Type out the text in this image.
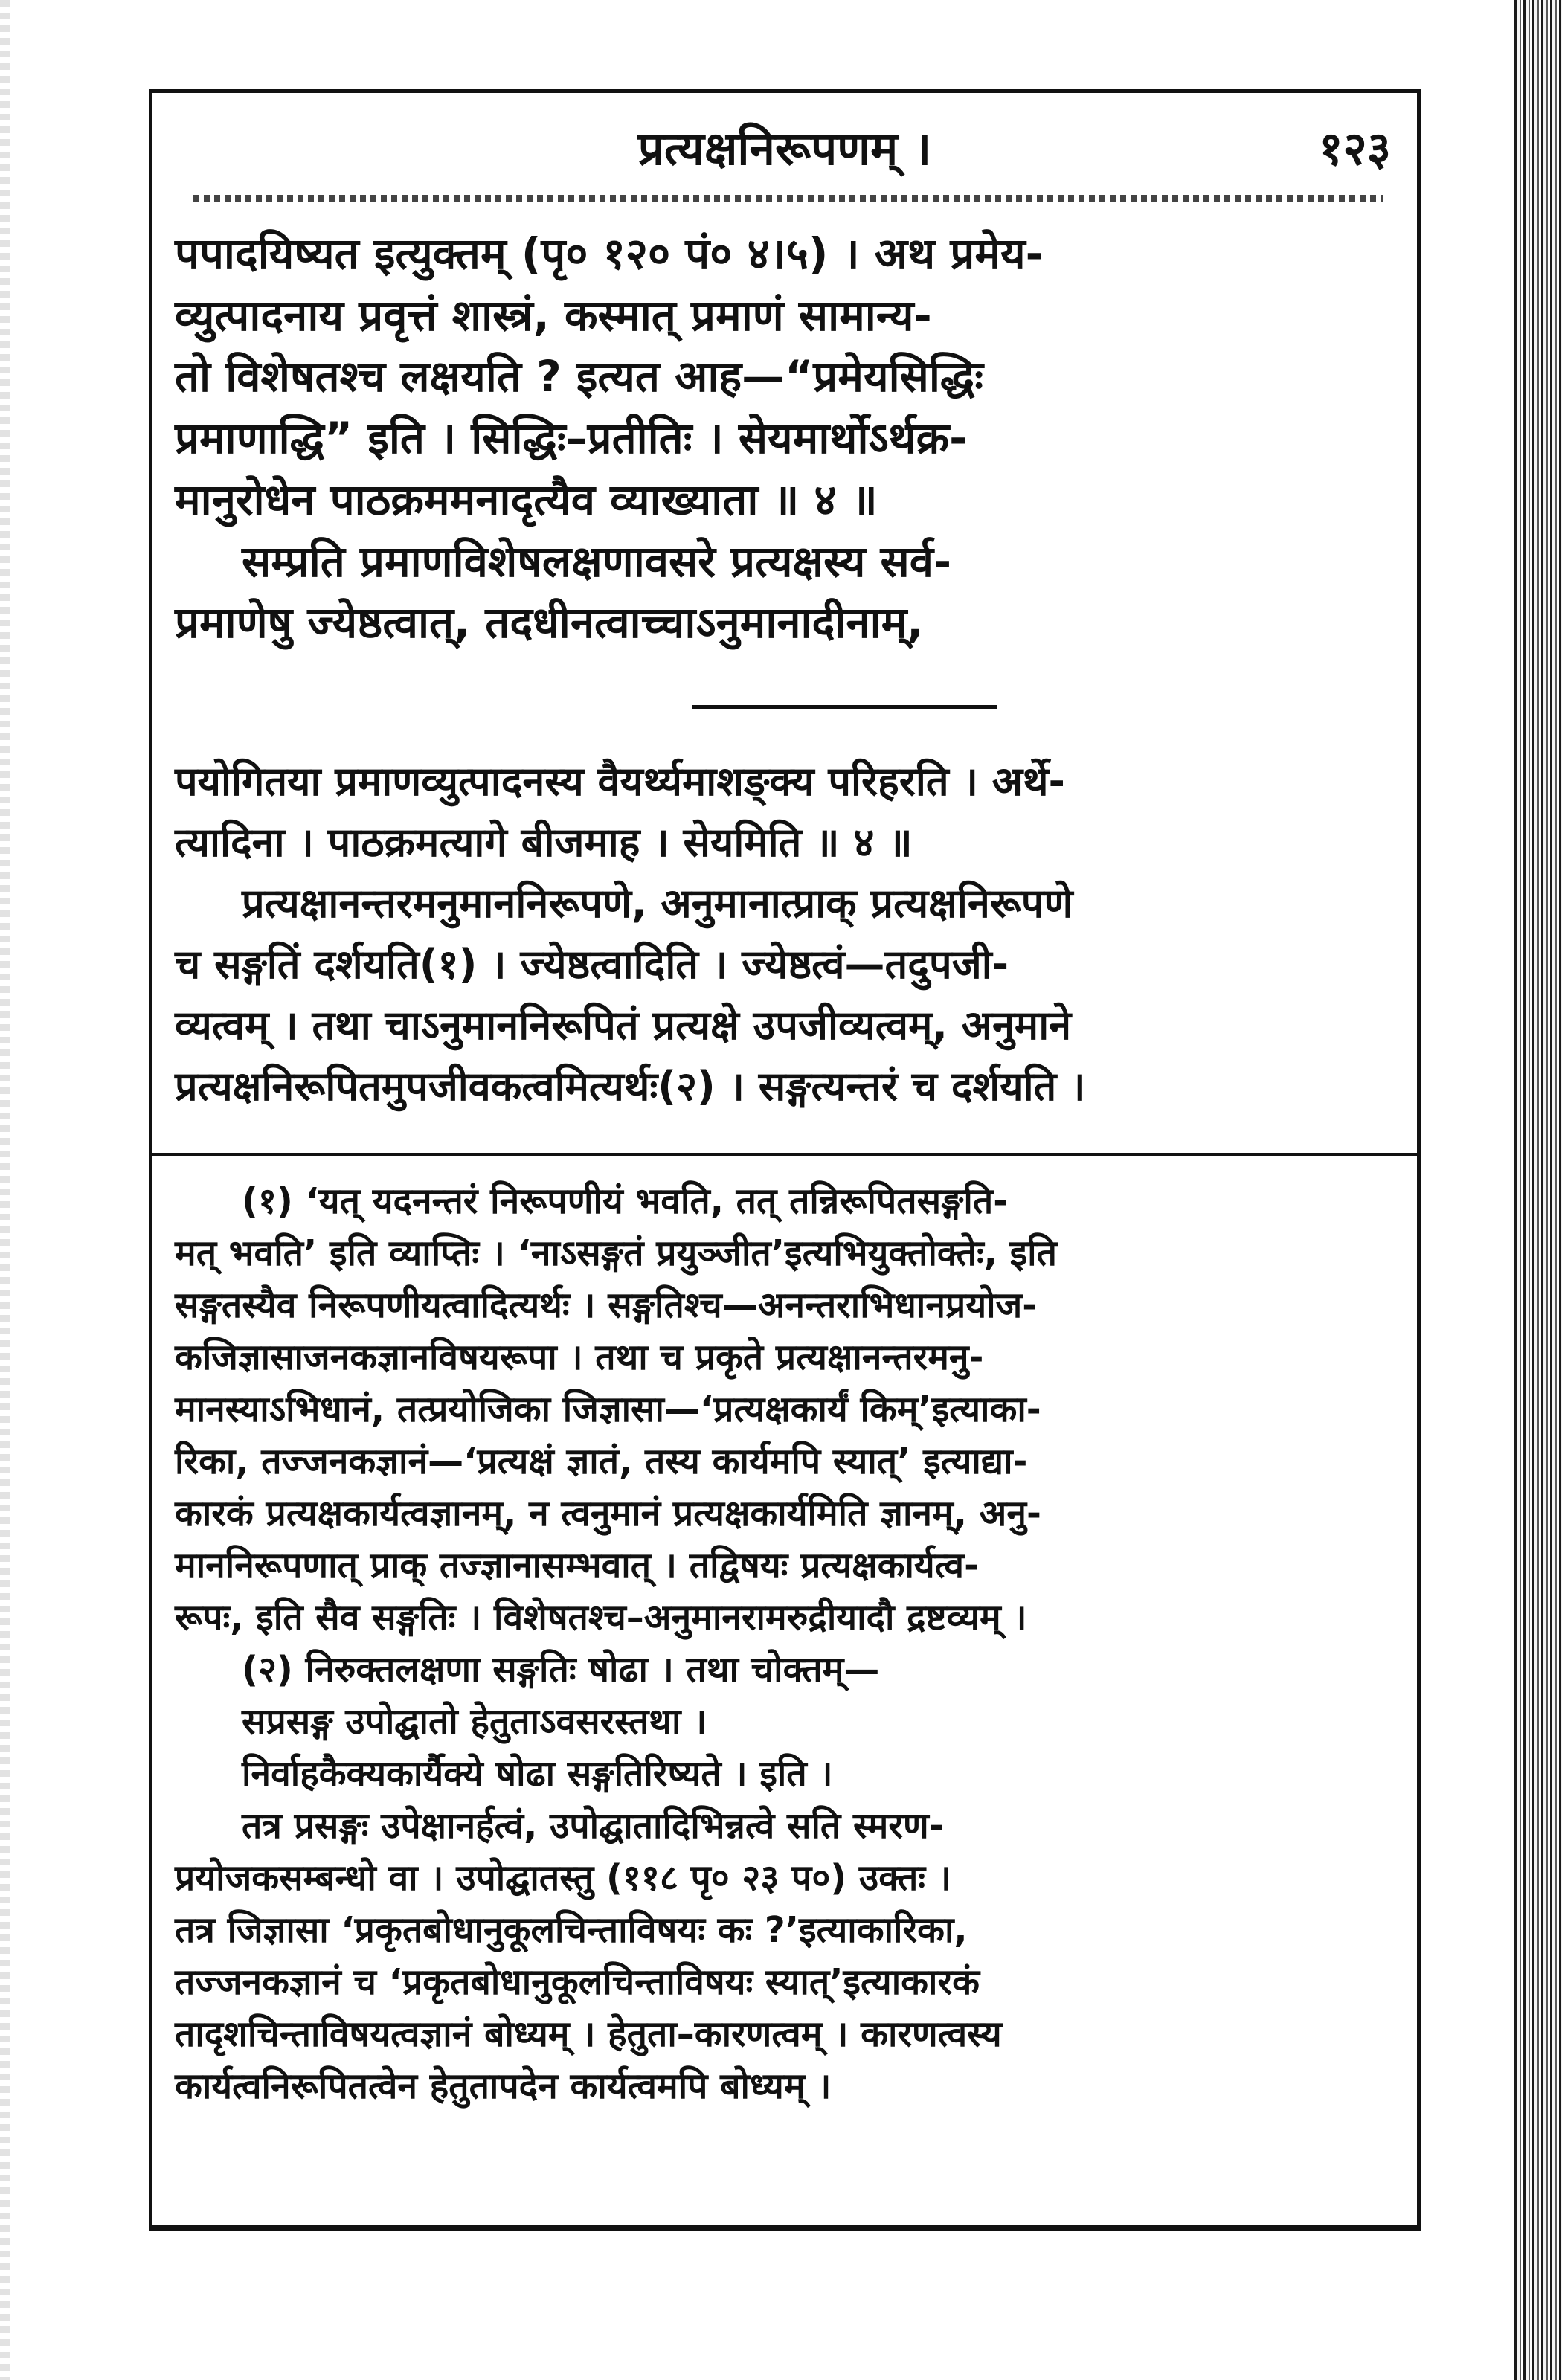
प्रत्यक्षनिरूपणम् ।	१२३
पपादयिष्यत इत्युक्तम् (पृ० १२० पं० ४।५) । अथ प्रमेय-
व्युत्पादनाय प्रवृत्तं शास्त्रं, कस्मात् प्रमाणं सामान्य-
तो विशेषतश्च लक्षयति ? इत्यत आह—“प्रमेयसिद्धिः
प्रमाणाद्धि” इति । सिद्धिः–प्रतीतिः । सेयमार्थोऽर्थक्र-
मानुरोधेन पाठक्रममनादृत्यैव व्याख्याता ॥ ४ ॥
सम्प्रति प्रमाणविशेषलक्षणावसरे प्रत्यक्षस्य सर्व-
प्रमाणेषु ज्येष्ठत्वात्, तदधीनत्वाच्चाऽनुमानादीनाम्,
पयोगितया प्रमाणव्युत्पादनस्य वैयर्थ्यमाशङ्क्य परिहरति । अर्थे-
त्यादिना । पाठक्रमत्यागे बीजमाह । सेयमिति ॥ ४ ॥
प्रत्यक्षानन्तरमनुमाननिरूपणे, अनुमानात्प्राक् प्रत्यक्षनिरूपणे
च सङ्गतिं दर्शयति(१) । ज्येष्ठत्वादिति । ज्येष्ठत्वं—तदुपजी-
व्यत्वम् । तथा चाऽनुमाननिरूपितं प्रत्यक्षे उपजीव्यत्वम्, अनुमाने
प्रत्यक्षनिरूपितमुपजीवकत्वमित्यर्थः(२) । सङ्गत्यन्तरं च दर्शयति ।
(१) ‘यत् यदनन्तरं निरूपणीयं भवति, तत् तन्निरूपितसङ्गति-
मत् भवति’ इति व्याप्तिः । ‘नाऽसङ्गतं प्रयुञ्जीत’इत्यभियुक्तोक्तेः, इति
सङ्गतस्यैव निरूपणीयत्वादित्यर्थः । सङ्गतिश्च—अनन्तराभिधानप्रयोज-
कजिज्ञासाजनकज्ञानविषयरूपा । तथा च प्रकृते प्रत्यक्षानन्तरमनु-
मानस्याऽभिधानं, तत्प्रयोजिका जिज्ञासा—‘प्रत्यक्षकार्यं किम्’इत्याका-
रिका, तज्जनकज्ञानं—‘प्रत्यक्षं ज्ञातं, तस्य कार्यमपि स्यात्’ इत्याद्या-
कारकं प्रत्यक्षकार्यत्वज्ञानम्, न त्वनुमानं प्रत्यक्षकार्यमिति ज्ञानम्, अनु-
माननिरूपणात् प्राक् तज्ज्ञानासम्भवात् । तद्विषयः प्रत्यक्षकार्यत्व-
रूपः, इति सैव सङ्गतिः । विशेषतश्च–अनुमानरामरुद्रीयादौ द्रष्टव्यम् ।
(२) निरुक्तलक्षणा सङ्गतिः षोढा । तथा चोक्तम्—
सप्रसङ्ग उपोद्घातो हेतुताऽवसरस्तथा ।
निर्वाहकैक्यकार्यैक्ये षोढा सङ्गतिरिष्यते । इति ।
तत्र प्रसङ्गः उपेक्षानर्हत्वं, उपोद्घातादिभिन्नत्वे सति स्मरण-
प्रयोजकसम्बन्धो वा । उपोद्घातस्तु (११८ पृ० २३ प०) उक्तः ।
तत्र जिज्ञासा ‘प्रकृतबोधानुकूलचिन्ताविषयः कः ?’इत्याकारिका,
तज्जनकज्ञानं च ‘प्रकृतबोधानुकूलचिन्ताविषयः स्यात्’इत्याकारकं
तादृशचिन्ताविषयत्वज्ञानं बोध्यम् । हेतुता–कारणत्वम् । कारणत्वस्य
कार्यत्वनिरूपितत्वेन हेतुतापदेन कार्यत्वमपि बोध्यम् ।
